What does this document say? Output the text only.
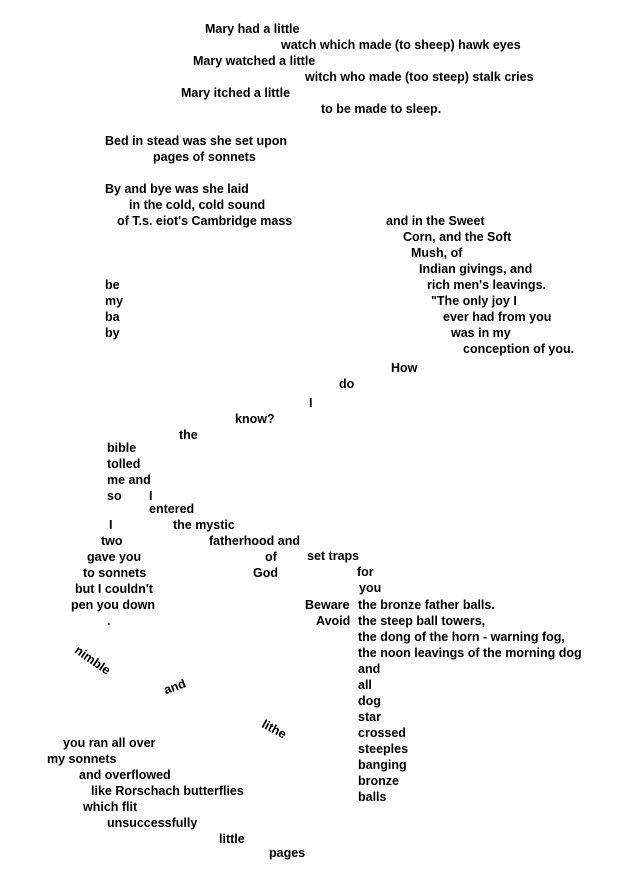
Mary had a little
watch which made (to sheep) hawk eyes
Mary watched a little
witch who made (too steep) stalk cries
Mary itched a little
to be made to sleep.
Bed in stead was she set upon
pages of sonnets
By and bye was she laid
in the cold, cold sound
of T.s. eiot's Cambridge mass	and in the Sweet
Corn, and the Soft
Mush, of
Indian givings, and
be	rich men's leavings.
my	"The only joy I
ba	ever had from you
by	was in my
conception of you.
How
do
I
know?
the
bible
tolled
me and
so I
entered
I	the mystic
two	fatherhood and
gave you	of set traps
to sonnets	God	for
but I couldn't	you
pen you down	Beware the bronze father balls.
.	Avoid the steep ball towers,
the dong of the horn - warning fog,
the noon leavings of the morning dog
nimble
and
and
all
dog
star
lithe	crossed
you ran all over	steeples
my sonnets	banging
and overflowed	bronze
like Rorschach butterflies	balls
which flit
unsuccessfully
little
pages
